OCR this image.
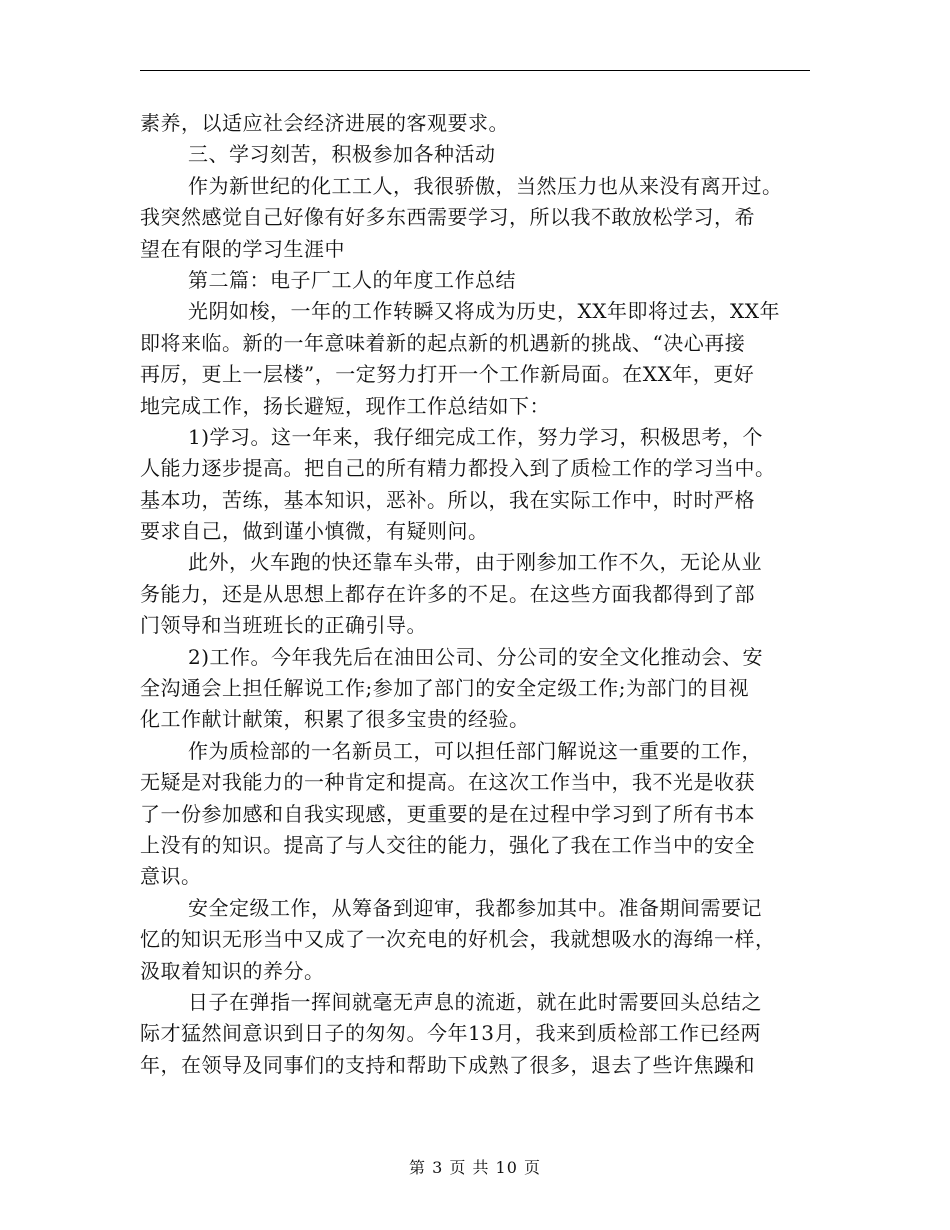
素养，以适应社会经济进展的客观要求。
三、学习刻苦，积极参加各种活动
作为新世纪的化工工人，我很骄傲，当然压力也从来没有离开过。
我突然感觉自己好像有好多东西需要学习，所以我不敢放松学习，希
望在有限的学习生涯中
第二篇：电子厂工人的年度工作总结
光阴如梭，一年的工作转瞬又将成为历史，XX年即将过去，XX年
即将来临。新的一年意味着新的起点新的机遇新的挑战、“决心再接
再厉，更上一层楼”，一定努力打开一个工作新局面。在XX年，更好
地完成工作，扬长避短，现作工作总结如下：
1)学习。这一年来，我仔细完成工作，努力学习，积极思考，个
人能力逐步提高。把自己的所有精力都投入到了质检工作的学习当中。
基本功，苦练，基本知识，恶补。所以，我在实际工作中，时时严格
要求自己，做到谨小慎微，有疑则问。
此外，火车跑的快还靠车头带，由于刚参加工作不久，无论从业
务能力，还是从思想上都存在许多的不足。在这些方面我都得到了部
门领导和当班班长的正确引导。
2)工作。今年我先后在油田公司、分公司的安全文化推动会、安
全沟通会上担任解说工作;参加了部门的安全定级工作;为部门的目视
化工作献计献策，积累了很多宝贵的经验。
作为质检部的一名新员工，可以担任部门解说这一重要的工作，
无疑是对我能力的一种肯定和提高。在这次工作当中，我不光是收获
了一份参加感和自我实现感，更重要的是在过程中学习到了所有书本
上没有的知识。提高了与人交往的能力，强化了我在工作当中的安全
意识。
安全定级工作，从筹备到迎审，我都参加其中。准备期间需要记
忆的知识无形当中又成了一次充电的好机会，我就想吸水的海绵一样，
汲取着知识的养分。
日子在弹指一挥间就毫无声息的流逝，就在此时需要回头总结之
际才猛然间意识到日子的匆匆。今年13月，我来到质检部工作已经两
年，在领导及同事们的支持和帮助下成熟了很多，退去了些许焦躁和
第 3 页 共 10 页
